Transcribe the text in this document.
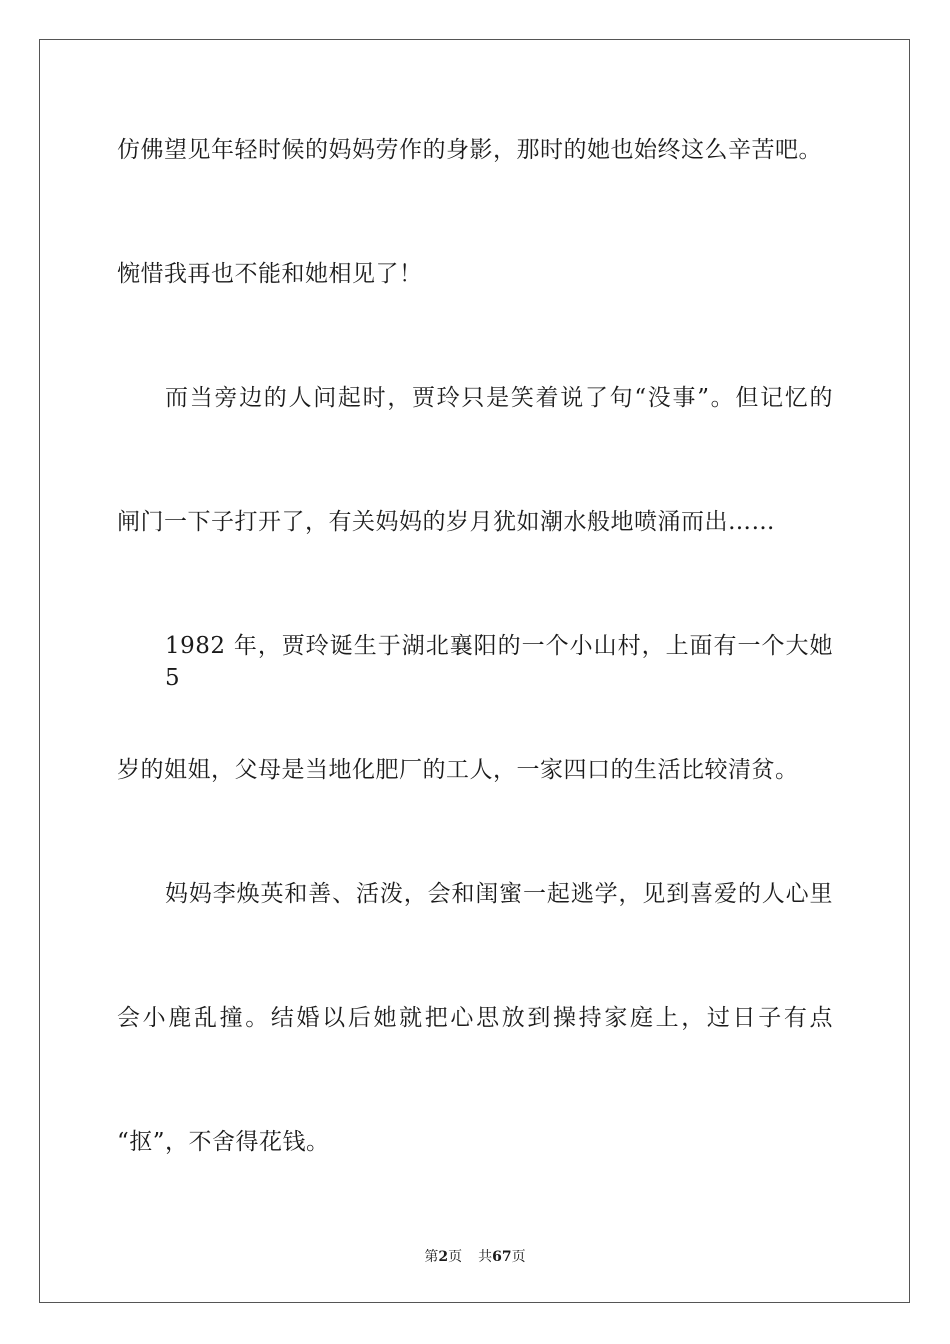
仿佛望见年轻时候的妈妈劳作的身影，那时的她也始终这么辛苦吧。

惋惜我再也不能和她相见了！

而当旁边的人问起时，贾玲只是笑着说了句“没事”。但记忆的

闸门一下子打开了，有关妈妈的岁月犹如潮水般地喷涌而出……

1982 年，贾玲诞生于湖北襄阳的一个小山村，上面有一个大她 5

岁的姐姐，父母是当地化肥厂的工人，一家四口的生活比较清贫。

妈妈李焕英和善、活泼，会和闺蜜一起逃学，见到喜爱的人心里

会小鹿乱撞。结婚以后她就把心思放到操持家庭上，过日子有点

“抠”，不舍得花钱。

第2页 共67页
